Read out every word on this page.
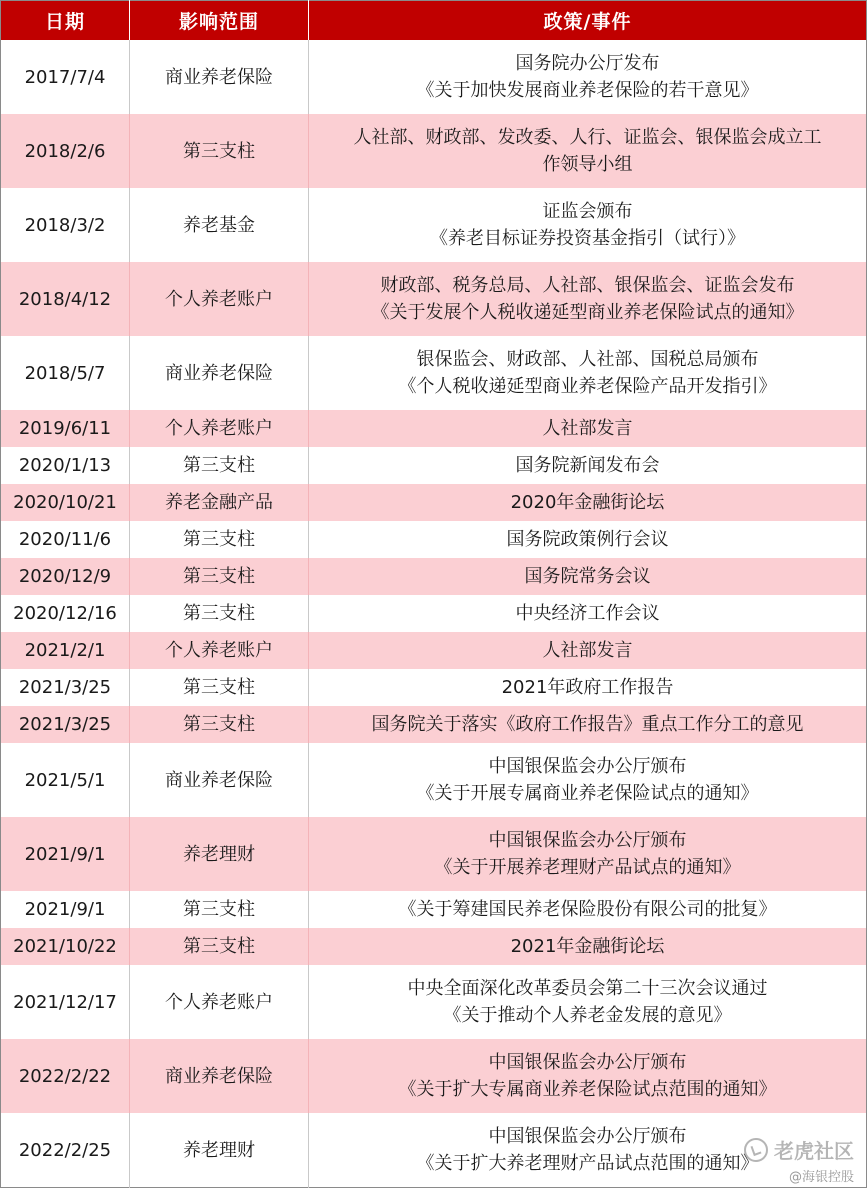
日期	影响范围	政策/事件
2017/7/4	商业养老保险	国务院办公厅发布
《关于加快发展商业养老保险的若干意见》

2018/2/6	第三支柱	人社部、财政部、发改委、人行、证监会、银保监会成立工
作领导小组

2018/3/2	养老基金	证监会颁布
《养老目标证券投资基金指引（试行）》

2018/4/12	个人养老账户	财政部、税务总局、人社部、银保监会、证监会发布
《关于发展个人税收递延型商业养老保险试点的通知》

2018/5/7	商业养老保险	银保监会、财政部、人社部、国税总局颁布
《个人税收递延型商业养老保险产品开发指引》

2019/6/11	个人养老账户	人社部发言

2020/1/13	第三支柱	国务院新闻发布会

2020/10/21	养老金融产品	2020年金融街论坛

2020/11/6	第三支柱	国务院政策例行会议

2020/12/9	第三支柱	国务院常务会议

2020/12/16	第三支柱	中央经济工作会议

2021/2/1	个人养老账户	人社部发言

2021/3/25	第三支柱	2021年政府工作报告

2021/3/25	第三支柱	国务院关于落实《政府工作报告》重点工作分工的意见

2021/5/1	商业养老保险	中国银保监会办公厅颁布
《关于开展专属商业养老保险试点的通知》

2021/9/1	养老理财	中国银保监会办公厅颁布
《关于开展养老理财产品试点的通知》

2021/9/1	第三支柱	《关于筹建国民养老保险股份有限公司的批复》

2021/10/22	第三支柱	2021年金融街论坛

2021/12/17	个人养老账户	中央全面深化改革委员会第二十三次会议通过
《关于推动个人养老金发展的意见》

2022/2/22	商业养老保险	中国银保监会办公厅颁布
《关于扩大专属商业养老保险试点范围的通知》

2022/2/25	养老理财	中国银保监会办公厅颁布
《关于扩大养老理财产品试点范围的通知》
老虎社区
@海银控股
